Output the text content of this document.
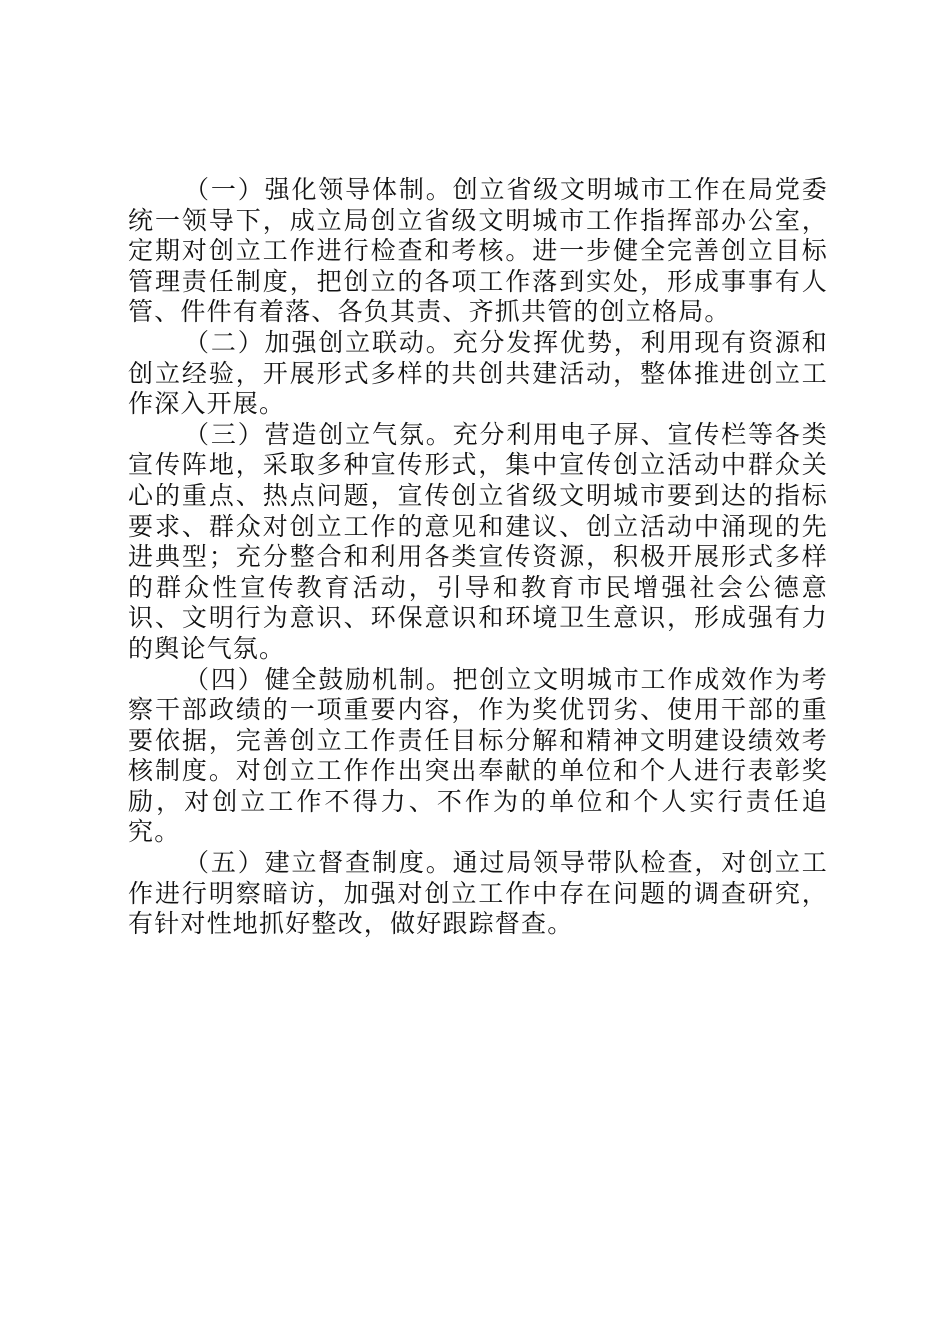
（一）强化领导体制。创立省级文明城市工作在局党委统一领导下，成立局创立省级文明城市工作指挥部办公室，定期对创立工作进行检查和考核。进一步健全完善创立目标管理责任制度，把创立的各项工作落到实处，形成事事有人管、件件有着落、各负其责、齐抓共管的创立格局。

（二）加强创立联动。充分发挥优势，利用现有资源和创立经验，开展形式多样的共创共建活动，整体推进创立工作深入开展。

（三）营造创立气氛。充分利用电子屏、宣传栏等各类宣传阵地，采取多种宣传形式，集中宣传创立活动中群众关心的重点、热点问题，宣传创立省级文明城市要到达的指标要求、群众对创立工作的意见和建议、创立活动中涌现的先进典型；充分整合和利用各类宣传资源，积极开展形式多样的群众性宣传教育活动，引导和教育市民增强社会公德意识、文明行为意识、环保意识和环境卫生意识，形成强有力的舆论气氛。

（四）健全鼓励机制。把创立文明城市工作成效作为考察干部政绩的一项重要内容，作为奖优罚劣、使用干部的重要依据，完善创立工作责任目标分解和精神文明建设绩效考核制度。对创立工作作出突出奉献的单位和个人进行表彰奖励，对创立工作不得力、不作为的单位和个人实行责任追究。

（五）建立督查制度。通过局领导带队检查，对创立工作进行明察暗访，加强对创立工作中存在问题的调查研究，有针对性地抓好整改，做好跟踪督查。
